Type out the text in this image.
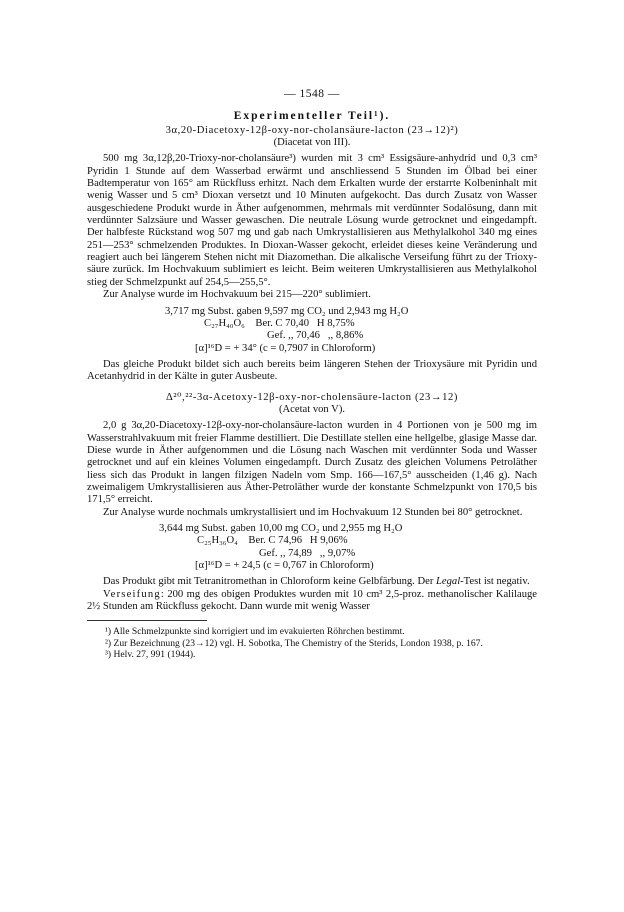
— 1548 —
Experimenteller Teil¹).
3α,20-Diacetoxy-12β-oxy-nor-cholansäure-lacton (23→12)²)
(Diacetat von III).

500 mg 3α,12β,20-Trioxy-nor-cholansäure³) wurden mit 3 cm³ Essigsäure-anhydrid und 0,3 cm³ Pyridin 1 Stunde auf dem Wasserbad erwärmt und anschliessend 5 Stunden im Ölbad bei einer Badtemperatur von 165° am Rückfluss erhitzt. Nach dem Erkalten wurde der erstarrte Kolbeninhalt mit wenig Wasser und 5 cm³ Dioxan versetzt und 10 Minuten aufgekocht. Das durch Zusatz von Wasser ausgeschiedene Produkt wurde in Äther aufgenommen, mehrmals mit verdünnter Sodalösung, dann mit verdünnter Salzsäure und Wasser gewaschen. Die neutrale Lösung wurde getrocknet und eingedampft. Der halbfeste Rückstand wog 507 mg und gab nach Umkrystallisieren aus Methylalkohol 340 mg eines 251—253° schmelzenden Produktes. In Dioxan-Wasser gekocht, erleidet dieses keine Veränderung und reagiert auch bei längerem Stehen nicht mit Diazomethan. Die alkalische Verseifung führt zu der Trioxy-säure zurück. Im Hochvakuum sublimiert es leicht. Beim weiteren Umkrystallisieren aus Methylalkohol stieg der Schmelzpunkt auf 254,5—255,5°.

Zur Analyse wurde im Hochvakuum bei 215—220° sublimiert.

3,717 mg Subst. gaben 9,597 mg CO₂ und 2,943 mg H₂O
C₂₇H₄₀O₆    Ber. C 70,40   H 8,75%
Gef. ,, 70,46   ,, 8,86%
[α]¹⁶D = + 34° (c = 0,7907 in Chloroform)

Das gleiche Produkt bildet sich auch bereits beim längeren Stehen der Trioxysäure mit Pyridin und Acetanhydrid in der Kälte in guter Ausbeute.

Δ²⁰,²²-3α-Acetoxy-12β-oxy-nor-cholensäure-lacton (23→12)
(Acetat von V).

2,0 g 3α,20-Diacetoxy-12β-oxy-nor-cholansäure-lacton wurden in 4 Portionen von je 500 mg im Wasserstrahlvakuum mit freier Flamme destilliert. Die Destillate stellen eine hellgelbe, glasige Masse dar. Diese wurde in Äther aufgenommen und die Lösung nach Waschen mit verdünnter Soda und Wasser getrocknet und auf ein kleines Volumen eingedampft. Durch Zusatz des gleichen Volumens Petroläther liess sich das Produkt in langen filzigen Nadeln vom Smp. 166—167,5° ausscheiden (1,46 g). Nach zweimaligem Umkrystallisieren aus Äther-Petroläther wurde der konstante Schmelzpunkt von 170,5 bis 171,5° erreicht.

Zur Analyse wurde nochmals umkrystallisiert und im Hochvakuum 12 Stunden bei 80° getrocknet.

3,644 mg Subst. gaben 10,00 mg CO₂ und 2,955 mg H₂O
C₂₅H₃₆O₄    Ber. C 74,96   H 9,06%
Gef. ,, 74,89   ,, 9,07%
[α]¹⁶D = + 24,5 (c = 0,767 in Chloroform)

Das Produkt gibt mit Tetranitromethan in Chloroform keine Gelbfärbung. Der Legal-Test ist negativ.

Verseifung: 200 mg des obigen Produktes wurden mit 10 cm³ 2,5-proz. methanolischer Kalilauge 2½ Stunden am Rückfluss gekocht. Dann wurde mit wenig Wasser

¹) Alle Schmelzpunkte sind korrigiert und im evakuierten Röhrchen bestimmt.

²) Zur Bezeichnung (23→12) vgl. H. Sobotka, The Chemistry of the Sterids, London 1938, p. 167.

³) Helv. 27, 991 (1944).
